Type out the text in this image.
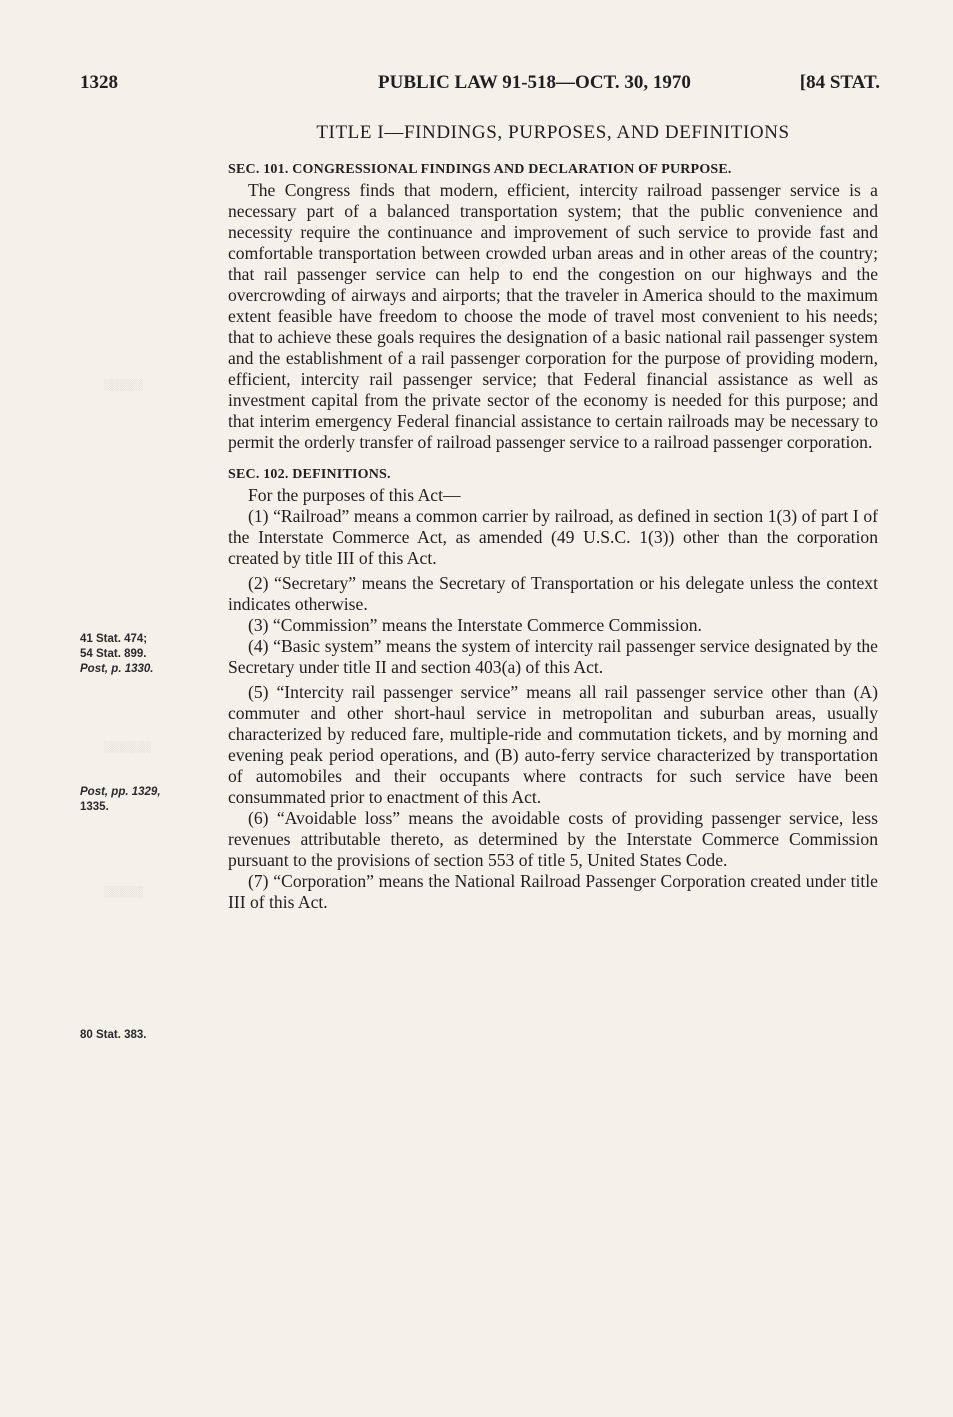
1328	PUBLIC LAW 91-518—OCT. 30, 1970	[84 STAT.
TITLE I—FINDINGS, PURPOSES, AND DEFINITIONS
░░░░░
░░░░░░
░░░░░
41 Stat. 474;
54 Stat. 899.
Post, p. 1330.
Post, pp. 1329,
1335.
80 Stat. 383.
SEC. 101. CONGRESSIONAL FINDINGS AND DECLARATION OF PURPOSE.

The Congress finds that modern, efficient, intercity railroad passenger service is a necessary part of a balanced transportation system; that the public convenience and necessity require the continuance and improvement of such service to provide fast and comfortable transportation between crowded urban areas and in other areas of the country; that rail passenger service can help to end the congestion on our highways and the overcrowding of airways and airports; that the traveler in America should to the maximum extent feasible have freedom to choose the mode of travel most convenient to his needs; that to achieve these goals requires the designation of a basic national rail passenger system and the establishment of a rail passenger corporation for the purpose of providing modern, efficient, intercity rail passenger service; that Federal financial assistance as well as investment capital from the private sector of the economy is needed for this purpose; and that interim emergency Federal financial assistance to certain railroads may be necessary to permit the orderly transfer of railroad passenger service to a railroad passenger corporation.

SEC. 102. DEFINITIONS.

For the purposes of this Act—

(1) “Railroad” means a common carrier by railroad, as defined in section 1(3) of part I of the Interstate Commerce Act, as amended (49 U.S.C. 1(3)) other than the corporation created by title III of this Act.

(2) “Secretary” means the Secretary of Transportation or his delegate unless the context indicates otherwise.

(3) “Commission” means the Interstate Commerce Commission.

(4) “Basic system” means the system of intercity rail passenger service designated by the Secretary under title II and section 403(a) of this Act.

(5) “Intercity rail passenger service” means all rail passenger service other than (A) commuter and other short-haul service in metropolitan and suburban areas, usually characterized by reduced fare, multiple-ride and commutation tickets, and by morning and evening peak period operations, and (B) auto-ferry service characterized by transportation of automobiles and their occupants where contracts for such service have been consummated prior to enactment of this Act.

(6) “Avoidable loss” means the avoidable costs of providing passenger service, less revenues attributable thereto, as determined by the Interstate Commerce Commission pursuant to the provisions of section 553 of title 5, United States Code.

(7) “Corporation” means the National Railroad Passenger Corporation created under title III of this Act.
